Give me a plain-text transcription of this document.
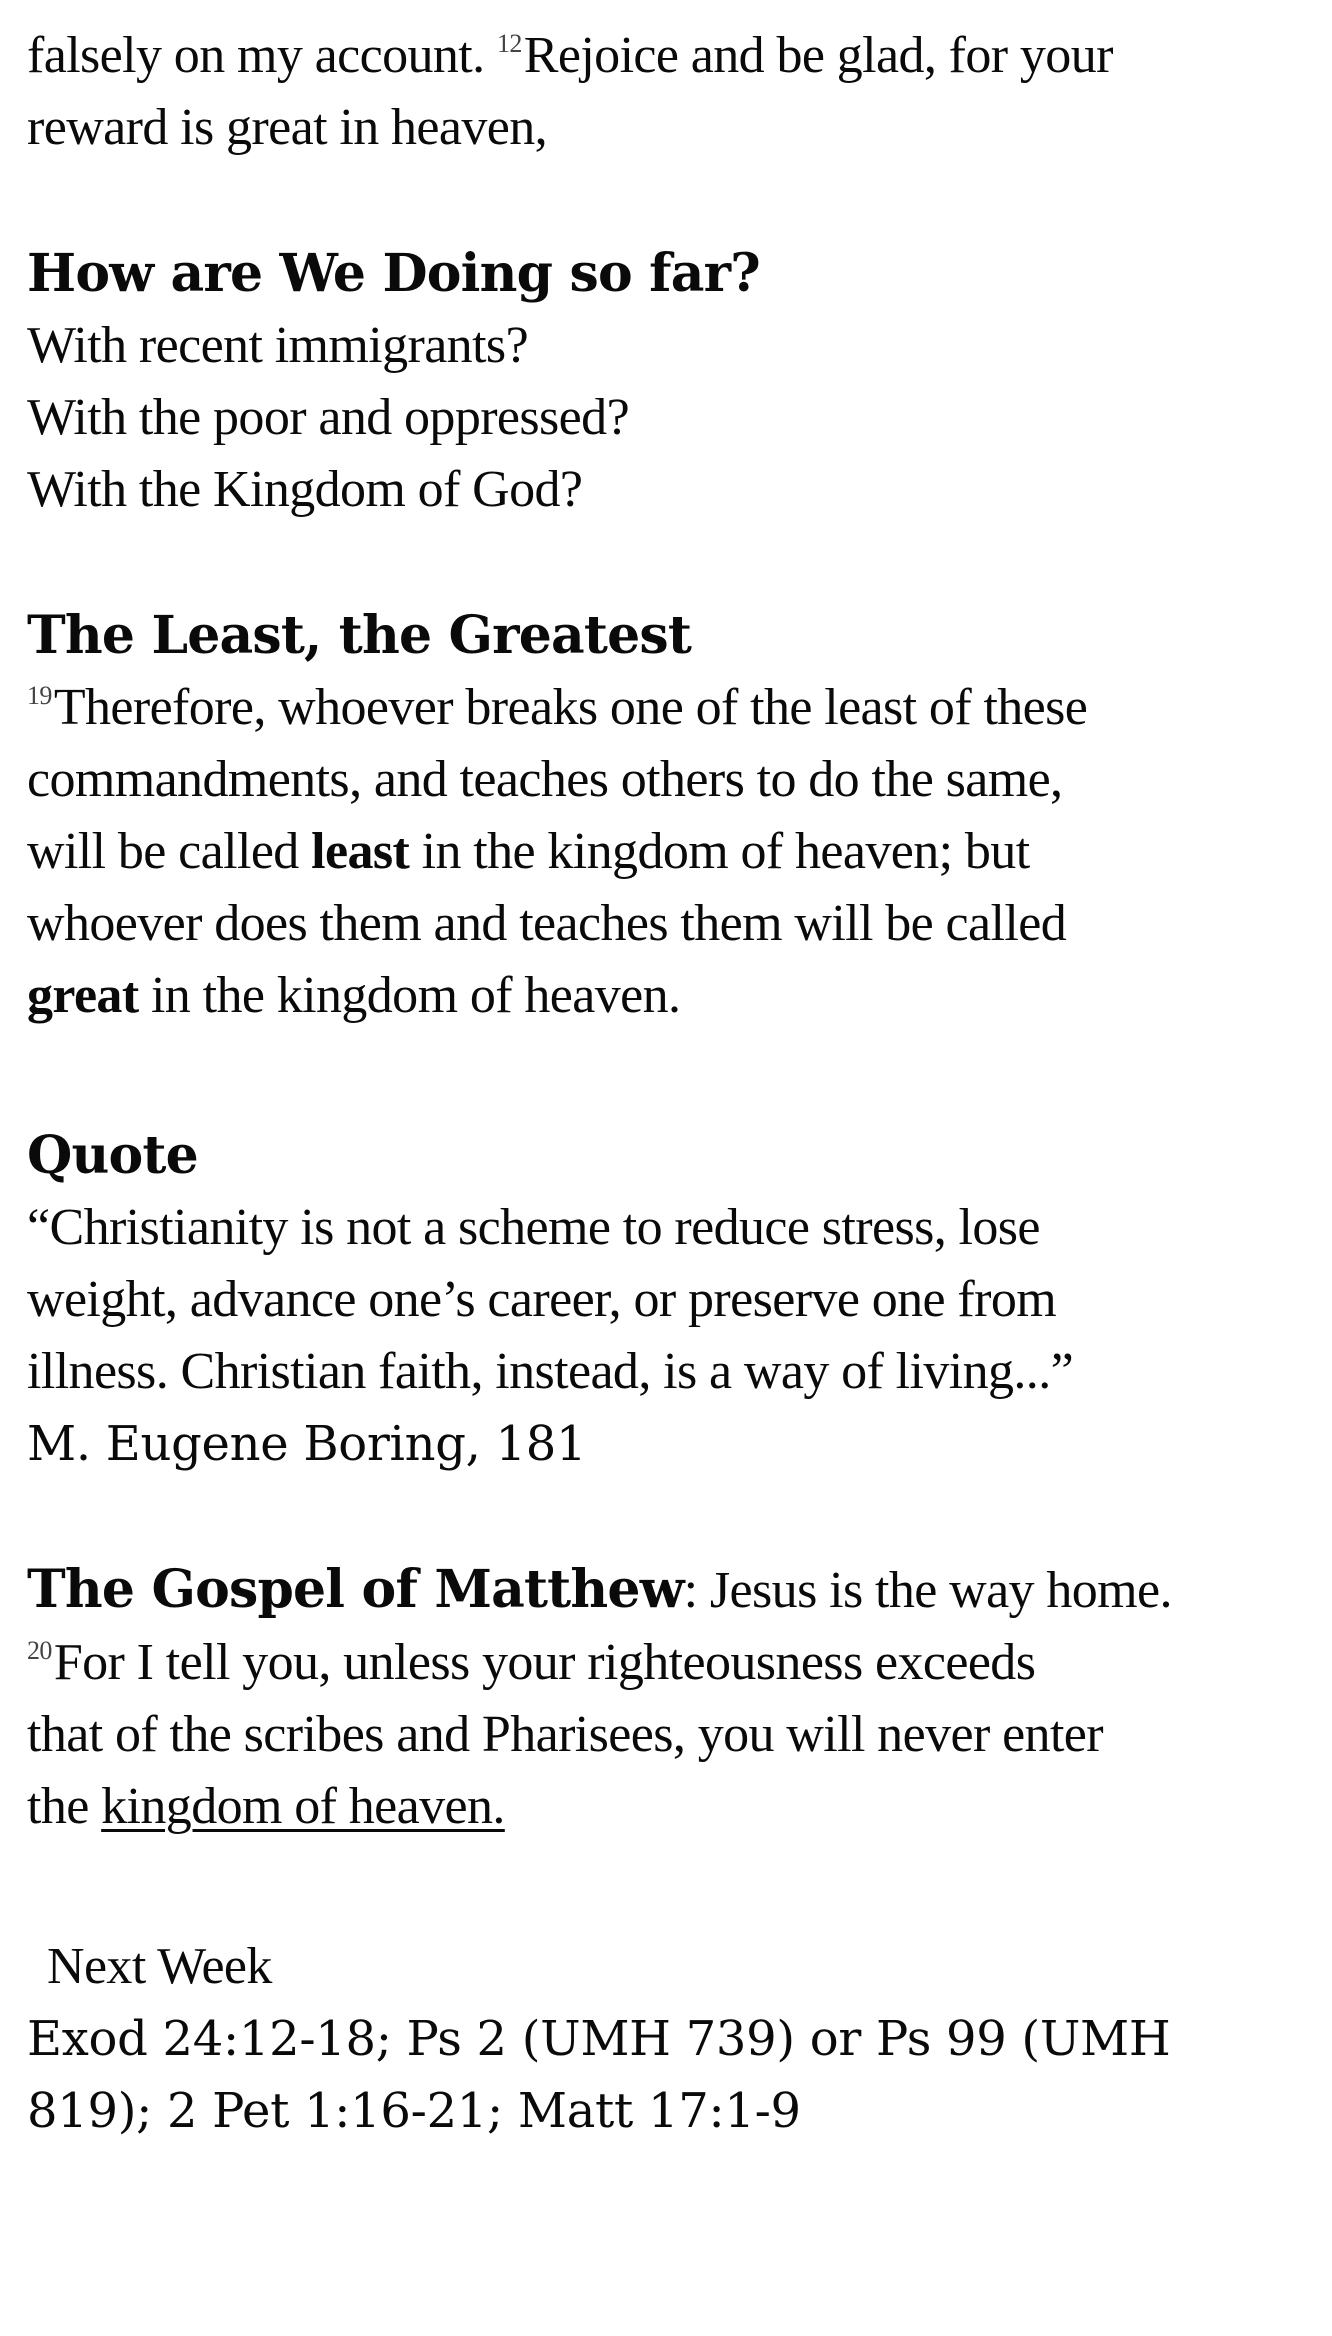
falsely on my account. $^{12}$Rejoice and be glad, for your
reward is great in heaven,
How are We Doing so far?
With recent immigrants?
With the poor and oppressed?
With the Kingdom of God?
The Least, the Greatest
$^{19}$Therefore, whoever breaks one of the least of these
commandments, and teaches others to do the same,
will be called least in the kingdom of heaven; but
whoever does them and teaches them will be called
great in the kingdom of heaven.
Quote
“Christianity is not a scheme to reduce stress, lose
weight, advance one’s career, or preserve one from
illness. Christian faith, instead, is a way of living...”
M. Eugene Boring, 181
The Gospel of Matthew: Jesus is the way home.
$^{20}$For I tell you, unless your righteousness exceeds
that of the scribes and Pharisees, you will never enter
the kingdom of heaven.
Next Week
Exod 24:12-18; Ps 2 (UMH 739) or Ps 99 (UMH
819); 2 Pet 1:16-21; Matt 17:1-9
